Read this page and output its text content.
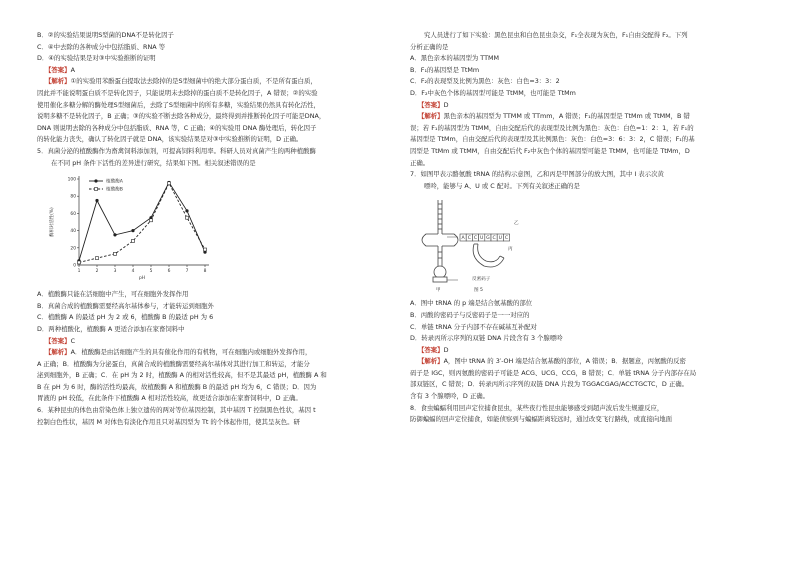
B．②的实验结果说明S型菌的DNA不是转化因子

C．④中去除的各种成分中包括脂质、RNA 等

D．④的实验结果是对③中实验推断的证明

【答案】A

【解析】①的实验用苯酚蛋白提取法去除掉的是S型细菌中的绝大部分蛋白质，不是所有蛋白质，

因此并不能说明蛋白质不是转化因子，只能说明未去除掉的蛋白质不是转化因子，A 错误；②的实验

使用催化多糖分解的酶处理S型细菌后，去除了S型细菌中的所有多糖，实验结果仍然具有转化活性，

说明多糖不是转化因子，B 正确；③的实验不断去除各种成分，最终得到并推断转化因子可能是DNA，

DNA 则说明去除的各种成分中包括脂质、RNA 等，C 正确；④的实验用 DNA 酶处理后，转化因子

的转化能力丧失，确认了转化因子就是 DNA，该实验结果是对③中实验推断的证明，D 正确。

5．真菌分泌的植酸酶作为畜禽饲料添加剂，可提高饲料利用率。科研人员对真菌产生的两种植酸酶

在不同 pH 条件下活性的差异进行研究，结果如下图。相关叙述错误的是

0
20
40
60
80
100
1	2	3	4	5	6	7	8
pH
酶相对活性(%)
植酸酶A
植酸酶B

A．植酸酶只能在活细胞中产生，可在细胞外发挥作用

B．真菌合成的植酸酶需要经高尔基体参与，才能转运到细胞外

C．植酸酶 A 的最适 pH 为 2 或 6，植酸酶 B 的最适 pH 为 6

D．两种植酸化，植酸酶 A 更适合添加在家畜饲料中

【答案】C

【解析】A．植酸酶是由活细胞产生的具有催化作用的有机物，可在细胞内或细胞外发挥作用，

A 正确；B．植酸酶为分泌蛋白，真菌合成的植酸酶需要经高尔基体对其进行加工和转运，才能分

泌到细胞外，B 正确；C．在 pH 为 2 时，植酸酶 A 的相对活性较高，但不是其最适 pH，植酸酶 A 和

B 在 pH 为 6 时，酶的活性均最高，故植酸酶 A 和植酸酶 B 的最适 pH 均为 6，C 错误；D．因为

胃液的 pH 较低，在此条件下植酸酶 A 相对活性较高，故更适合添加在家畜饲料中，D 正确。

6．某种昆虫的体色由常染色体上独立遗传的两对等位基因控制，其中基因 T 控制黑色性状，基因 t

控制白色性状，基因 M 对体色有淡化作用且只对基因型为 Tt 的个体起作用，使其呈灰色。研

究人员进行了如下实验：黑色昆虫和白色昆虫杂交，F₁全表现为灰色，F₁自由交配得 F₂。下列

分析正确的是

A．黑色亲本的基因型为 TTMM

B．F₁的基因型是 TtMm

C．F₂的表现型及比例为黑色：灰色：白色=3：3：2

D．F₂中灰色个体的基因型可能是 TtMM，也可能是 TtMm

【答案】D

【解析】黑色亲本的基因型为 TTMM 或 TTmm，A 错误；F₁的基因型是 TtMm 或 TtMM，B 错

误；若 F₁的基因型为 TtMM，自由交配后代的表现型及比例为黑色：灰色：白色=1：2：1，若 F₁的

基因型是 TtMm，自由交配后代的表现型及其比例黑色：灰色：白色=3：6：3：2，C 错误；F₁的基

因型是 TtMm 或 TtMM，自由交配后代 F₂中灰色个体的基因型可能是 TtMM，也可能是 TtMm，D

正确。

7．如图甲表示酪氨酸 tRNA 的结构示意图，乙和丙是甲图部分的放大图，其中 I 表示次黄

嘌呤，能够与 A、U 或 C 配对。下列有关叙述正确的是

A C C U G C U C
丙
反密码子
甲
乙
图 5

A．图中 tRNA 的 p 端是结合氨基酸的部位

B．丙酸的密码子与反密码子是一一对应的

C．单链 tRNA 分子内部不存在碱基互补配对

D．转录丙所示序列的双链 DNA 片段含有 3 个腺嘌呤

【答案】D

【解析】A，图中 tRNA 的 3′-OH 端是结合氨基酸的部位，A 错误；B．据题意，丙氨酸的反密

码子是 IGC，则丙氨酸的密码子可能是 ACG、UCG、CCG，B 错误；C．单链 tRNA 分子内部存在局

部双链区，C 错误；D．转录丙所示序列的双链 DNA 片段为 TGGACGAG/ACCTGCTC，D 正确。

含有 3 个腺嘌呤，D 正确。

8．食虫蝙蝠利用回声定位捕食昆虫，某些夜行性昆虫能够感受到超声波后发生规避反应，

防御蝙蝠的回声定位捕食，如能侦察到与蝙蝠距离较远时，通过改变飞行路线，或直接向地面
